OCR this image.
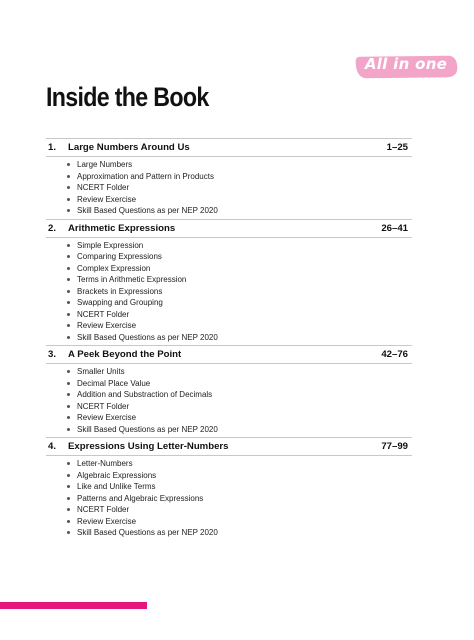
All in one
Inside the Book
1.	Large Numbers Around Us	1–25
Large Numbers
Approximation and Pattern in Products
NCERT Folder
Review Exercise
Skill Based Questions as per NEP 2020
2.	Arithmetic Expressions	26–41
Simple Expression
Comparing Expressions
Complex Expression
Terms in Arithmetic Expression
Brackets in Expressions
Swapping and Grouping
NCERT Folder
Review Exercise
Skill Based Questions as per NEP 2020
3.	A Peek Beyond the Point	42–76
Smaller Units
Decimal Place Value
Addition and Substraction of Decimals
NCERT Folder
Review Exercise
Skill Based Questions as per NEP 2020
4.	Expressions Using Letter-Numbers	77–99
Letter-Numbers
Algebraic Expressions
Like and Unlike Terms
Patterns and Algebraic Expressions
NCERT Folder
Review Exercise
Skill Based Questions as per NEP 2020
